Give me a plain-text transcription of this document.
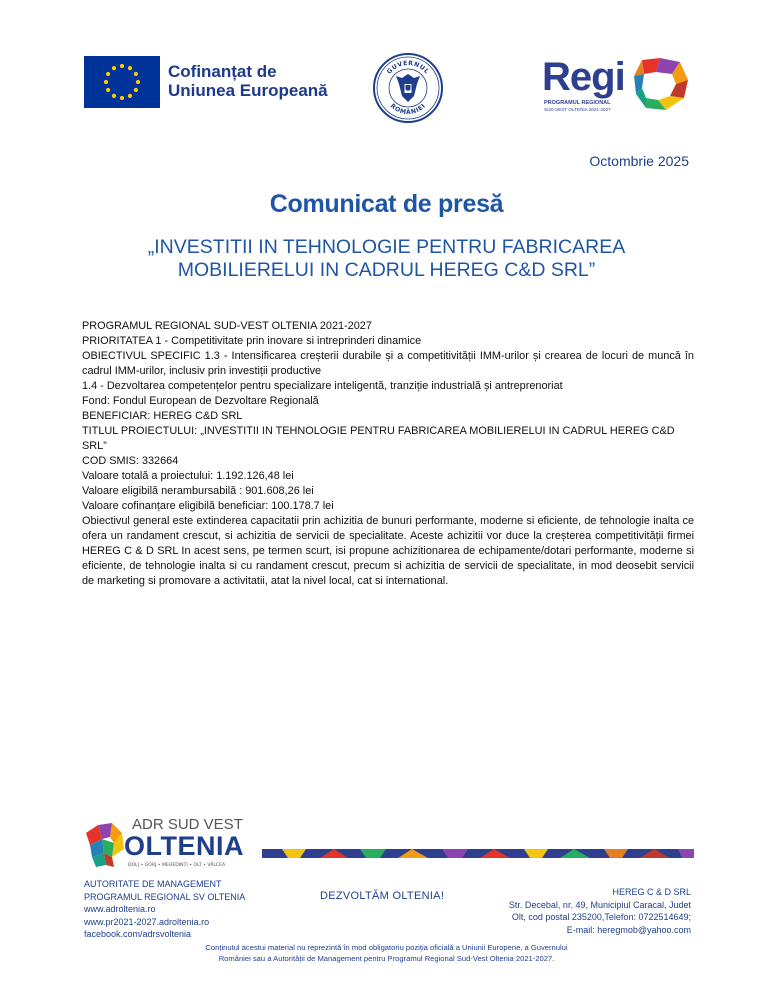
Cofinanțat de
Uniunea Europeană
GUVERNUL
ROMÂNIEI
Regi
PROGRAMUL REGIONAL
SUD-VEST OLTENIA 2021-2027
Octombrie 2025
Comunicat de presă
„INVESTITII IN TEHNOLOGIE PENTRU FABRICAREA
MOBILIERELUI IN CADRUL HEREG C&D SRL”

PROGRAMUL REGIONAL SUD-VEST OLTENIA 2021-2027

PRIORITATEA 1 - Competitivitate prin inovare si intreprinderi dinamice

OBIECTIVUL SPECIFIC 1.3 - Intensificarea creșterii durabile și a competitivității IMM-urilor și crearea de locuri de muncă în cadrul IMM-urilor, inclusiv prin investiții productive

1.4 - Dezvoltarea competențelor pentru specializare inteligentă, tranziție industrială și antreprenoriat

Fond: Fondul European de Dezvoltare Regională

BENEFICIAR: HEREG C&D SRL

TITLUL PROIECTULUI: „INVESTITII IN TEHNOLOGIE PENTRU FABRICAREA MOBILIERELUI IN CADRUL HEREG C&D SRL”

COD SMIS: 332664

Valoare totală a proiectului: 1.192.126,48 lei

Valoare eligibilă nerambursabilă : 901.608,26 lei

Valoare cofinanțare eligibilă beneficiar: 100.178.7 lei

Obiectivul general este extinderea capacitatii prin achizitia de bunuri performante, moderne si eficiente, de tehnologie inalta ce ofera un randament crescut, si achizitia de servicii de specialitate. Aceste achizitii vor duce la creșterea competitivității firmei HEREG C & D SRL In acest sens, pe termen scurt, isi propune achizitionarea de echipamente/dotari performante, moderne si eficiente, de tehnologie inalta si cu randament crescut, precum si achizitia de servicii de specialitate, in mod deosebit servicii de marketing si promovare a activitatii, atat la nivel local, cat si international.

ADR SUD VEST
OLTENIA
DOLJ • GORJ • MEHEDINȚI • OLT • VÂLCEA
AUTORITATE DE MANAGEMENT
PROGRAMUL REGIONAL SV OLTENIA
www.adroltenia.ro
www.pr2021-2027.adroltenia.ro
facebook.com/adrsvoltenia
DEZVOLTĂM OLTENIA!	HEREG C & D SRL
Str. Decebal, nr. 49, Municipiul Caracal, Judet
Olt, cod postal 235200,Telefon: 0722514649;
E-mail: heregmob@yahoo.com
Conținutul acestui material nu reprezintă în mod obligatoriu poziția oficială a Uniunii Europene, a Guvernului
României sau a Autorității de Management pentru Programul Regional Sud-Vest Oltenia 2021-2027.
